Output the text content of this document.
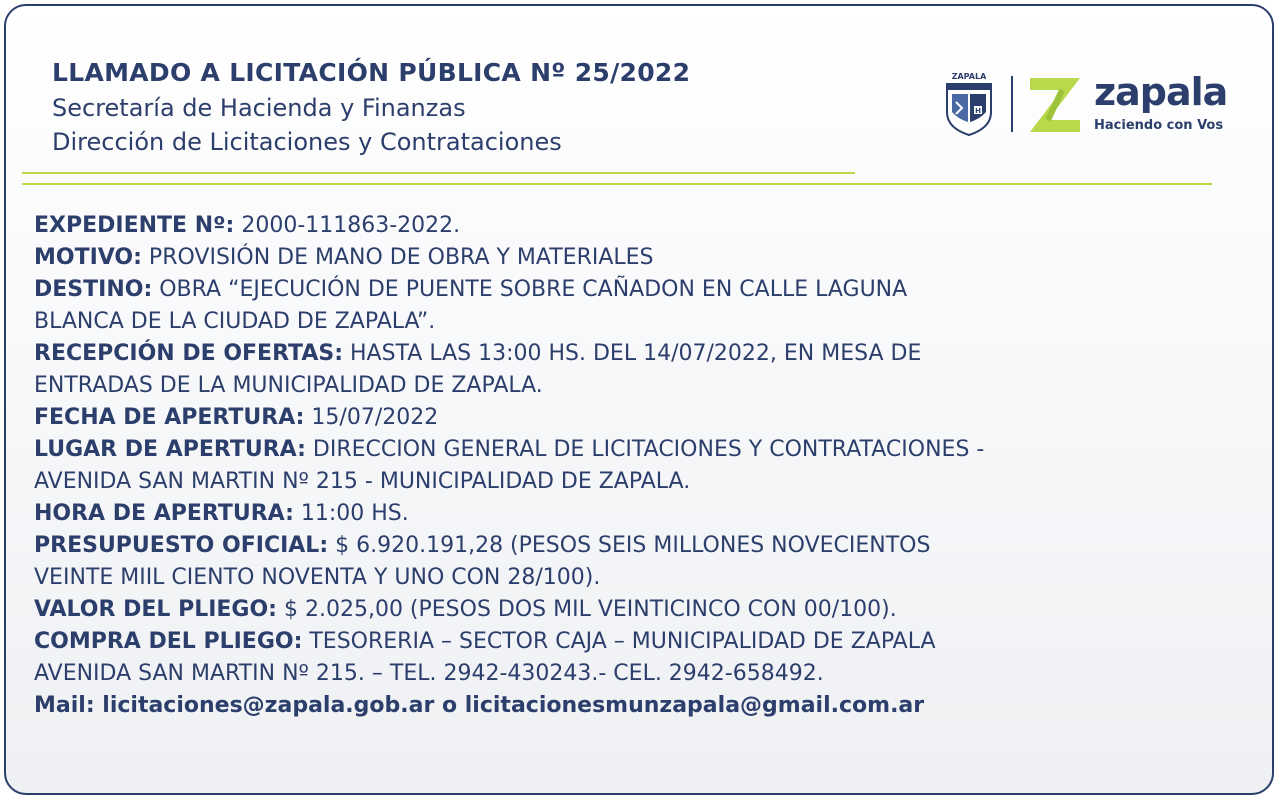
LLAMADO A LICITACIÓN PÚBLICA Nº 25/2022
Secretaría de Hacienda y Finanzas
Dirección de Licitaciones y Contrataciones
H
ZAPALA	zapala
Haciendo con Vos
EXPEDIENTE Nº: 2000-111863-2022.
MOTIVO: PROVISIÓN DE MANO DE OBRA Y MATERIALES
DESTINO: OBRA “EJECUCIÓN DE PUENTE SOBRE CAÑADON EN CALLE LAGUNA
BLANCA DE LA CIUDAD DE ZAPALA”.
RECEPCIÓN DE OFERTAS: HASTA LAS 13:00 HS. DEL 14/07/2022, EN MESA DE
ENTRADAS DE LA MUNICIPALIDAD DE ZAPALA.
FECHA DE APERTURA: 15/07/2022
LUGAR DE APERTURA: DIRECCION GENERAL DE LICITACIONES Y CONTRATACIONES -
AVENIDA SAN MARTIN Nº 215 - MUNICIPALIDAD DE ZAPALA.
HORA DE APERTURA: 11:00 HS.
PRESUPUESTO OFICIAL: $ 6.920.191,28 (PESOS SEIS MILLONES NOVECIENTOS
VEINTE MIIL CIENTO NOVENTA Y UNO CON 28/100).
VALOR DEL PLIEGO: $ 2.025,00 (PESOS DOS MIL VEINTICINCO CON 00/100).
COMPRA DEL PLIEGO: TESORERIA – SECTOR CAJA – MUNICIPALIDAD DE ZAPALA
AVENIDA SAN MARTIN Nº 215. – TEL. 2942-430243.- CEL. 2942-658492.
Mail: licitaciones@zapala.gob.ar o licitacionesmunzapala@gmail.com.ar
